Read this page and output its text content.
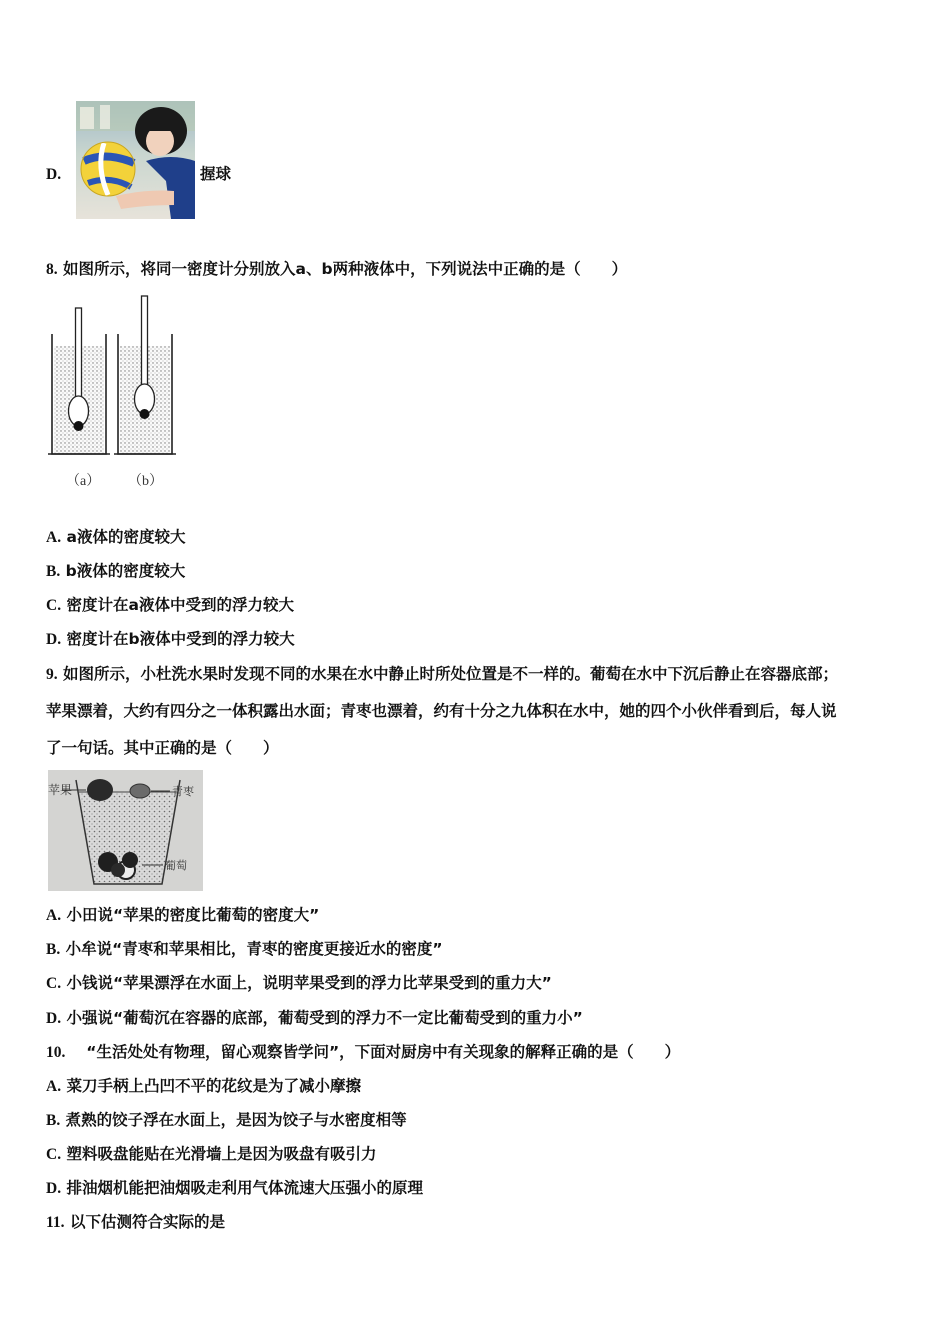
D.	握球
8. 如图所示，将同一密度计分别放入a、b两种液体中，下列说法中正确的是（　　）
（a） （b）
A. a液体的密度较大
B. b液体的密度较大
C. 密度计在a液体中受到的浮力较大
D. 密度计在b液体中受到的浮力较大
9. 如图所示，小杜洗水果时发现不同的水果在水中静止时所处位置是不一样的。葡萄在水中下沉后静止在容器底部；
苹果漂着，大约有四分之一体积露出水面；青枣也漂着，约有十分之九体积在水中，她的四个小伙伴看到后，每人说
了一句话。其中正确的是（　　）
苹果	青枣
葡萄
A. 小田说“苹果的密度比葡萄的密度大”
B. 小牟说“青枣和苹果相比，青枣的密度更接近水的密度”
C. 小钱说“苹果漂浮在水面上，说明苹果受到的浮力比苹果受到的重力大”
D. 小强说“葡萄沉在容器的底部，葡萄受到的浮力不一定比葡萄受到的重力小”
10. 　“生活处处有物理，留心观察皆学问”，下面对厨房中有关现象的解释正确的是（　　）
A. 菜刀手柄上凸凹不平的花纹是为了减小摩擦
B. 煮熟的饺子浮在水面上，是因为饺子与水密度相等
C. 塑料吸盘能贴在光滑墙上是因为吸盘有吸引力
D. 排油烟机能把油烟吸走利用气体流速大压强小的原理
11. 以下估测符合实际的是
